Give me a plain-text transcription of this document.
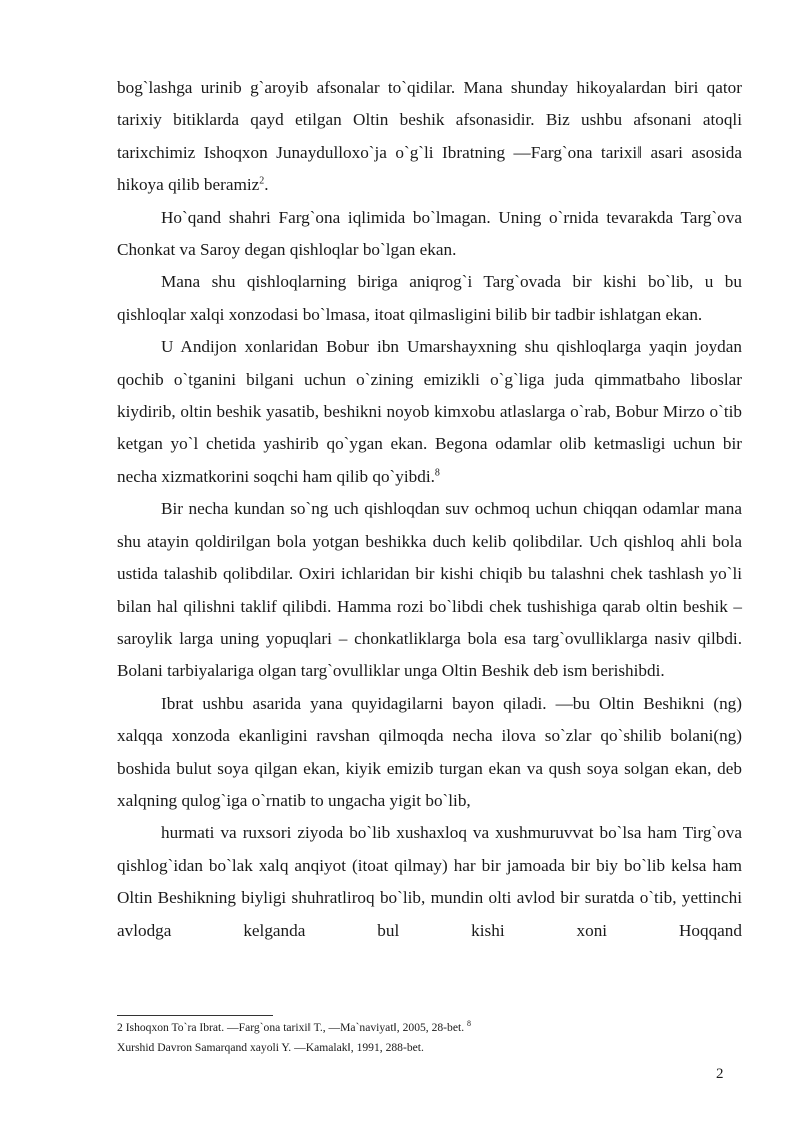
bog`lashga urinib g`aroyib afsonalar to`qidilar. Mana shunday hikoyalardan biri qator tarixiy bitiklarda qayd etilgan Oltin beshik afsonasidir. Biz ushbu afsonani atoqli tarixchimiz Ishoqxon Junaydulloxo`ja o`g`li Ibratning ―Farg`ona tarixi‖ asari asosida hikoya qilib beramiz$^2$.

Ho`qand shahri Farg`ona iqlimida bo`lmagan. Uning o`rnida tevarakda Targ`ova Chonkat va Saroy degan qishloqlar bo`lgan ekan.

Mana shu qishloqlarning biriga aniqrog`i Targ`ovada bir kishi bo`lib, u bu qishloqlar xalqi xonzodasi bo`lmasa, itoat qilmasligini bilib bir tadbir ishlatgan ekan.

U Andijon xonlaridan Bobur ibn Umarshayxning shu qishloqlarga yaqin joydan qochib o`tganini bilgani uchun o`zining emizikli o`g`liga juda qimmatbaho liboslar kiydirib, oltin beshik yasatib, beshikni noyob kimxobu atlaslarga o`rab, Bobur Mirzo o`tib ketgan yo`l chetida yashirib qo`ygan ekan. Begona odamlar olib ketmasligi uchun bir necha xizmatkorini soqchi ham qilib qo`yibdi.$^8$

Bir necha kundan so`ng uch qishloqdan suv ochmoq uchun chiqqan odamlar mana shu atayin qoldirilgan bola yotgan beshikka duch kelib qolibdilar. Uch qishloq ahli bola ustida talashib qolibdilar. Oxiri ichlaridan bir kishi chiqib bu talashni chek tashlash yo`li bilan hal qilishni taklif qilibdi. Hamma rozi bo`libdi chek tushishiga qarab oltin beshik –saroylik larga uning yopuqlari – chonkatliklarga bola esa targ`ovulliklarga nasiv qilbdi. Bolani tarbiyalariga olgan targ`ovulliklar unga Oltin Beshik deb ism berishibdi.

Ibrat ushbu asarida yana quyidagilarni bayon qiladi. ―bu Oltin Beshikni (ng) xalqqa xonzoda ekanligini ravshan qilmoqda necha ilova so`zlar qo`shilib bolani(ng) boshida bulut soya qilgan ekan, kiyik emizib turgan ekan va qush soya solgan ekan, deb xalqning qulog`iga o`rnatib to ungacha yigit bo`lib,

hurmati va ruxsori ziyoda bo`lib xushaxloq va xushmuruvvat bo`lsa ham Tirg`ova qishlog`idan bo`lak xalq anqiyot (itoat qilmay) har bir jamoada bir biy bo`lib kelsa ham Oltin Beshikning biyligi shuhratliroq bo`lib, mundin olti avlod bir suratda o`tib, yettinchi avlodga kelganda bul kishi xoni Hoqqand

2 Ishoqxon To`ra Ibrat. ―Farg`ona tarixi‖ T., ―Ma`naviyat‖, 2005, 28-bet. $^8$
Xurshid Davron Samarqand xayoli Y. ―Kamalak‖, 1991, 288-bet.
2
